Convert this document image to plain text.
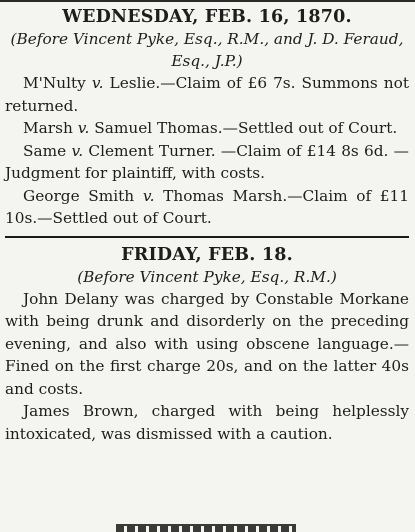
WEDNESDAY, FEB. 16, 1870.

(Before Vincent Pyke, Esq., R.M., and J. D. Feraud, Esq., J.P.)

M'Nulty v. Leslie.—Claim of £6 7s. Summons not returned.

Marsh v. Samuel Thomas.—Settled out of Court.

Same v. Clement Turner. —Claim of £14 8s 6d. —Judgment for plaintiff, with costs.

George Smith v. Thomas Marsh.—Claim of £11 10s.—Settled out of Court.

FRIDAY, FEB. 18.

(Before Vincent Pyke, Esq., R.M.)

John Delany was charged by Constable Morkane with being drunk and disorderly on the preceding evening, and also with using obscene language.—Fined on the first charge 20s, and on the latter 40s and costs.

James Brown, charged with being helplessly intoxicated, was dismissed with a caution.
